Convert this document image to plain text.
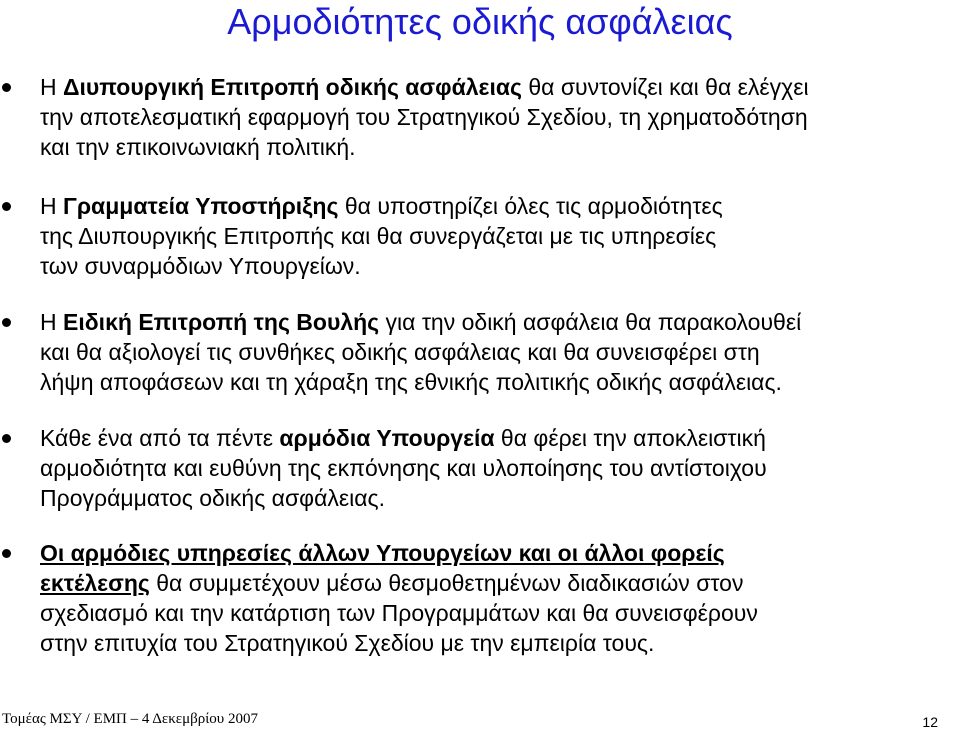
Αρμοδιότητες οδικής ασφάλειας
Η Διυπουργική Επιτροπή οδικής ασφάλειας θα συντονίζει και θα ελέγχει
την αποτελεσματική εφαρμογή του Στρατηγικού Σχεδίου, τη χρηματοδότηση
και την επικοινωνιακή πολιτική.
Η Γραμματεία Υποστήριξης θα υποστηρίζει όλες τις αρμοδιότητες
της Διυπουργικής Επιτροπής και θα συνεργάζεται με τις υπηρεσίες
των συναρμόδιων Υπουργείων.
Η Ειδική Επιτροπή της Βουλής για την οδική ασφάλεια θα παρακολουθεί
και θα αξιολογεί τις συνθήκες οδικής ασφάλειας και θα συνεισφέρει στη
λήψη αποφάσεων και τη χάραξη της εθνικής πολιτικής οδικής ασφάλειας.
Κάθε ένα από τα πέντε αρμόδια Υπουργεία θα φέρει την αποκλειστική
αρμοδιότητα και ευθύνη της εκπόνησης και υλοποίησης του αντίστοιχου
Προγράμματος οδικής ασφάλειας.
Οι αρμόδιες υπηρεσίες άλλων Υπουργείων και οι άλλοι φορείς
εκτέλεσης θα συμμετέχουν μέσω θεσμοθετημένων διαδικασιών στον
σχεδιασμό και την κατάρτιση των Προγραμμάτων και θα συνεισφέρουν
στην επιτυχία του Στρατηγικού Σχεδίου με την εμπειρία τους.
Τομέας ΜΣΥ / ΕΜΠ – 4 Δεκεμβρίου 2007	12
